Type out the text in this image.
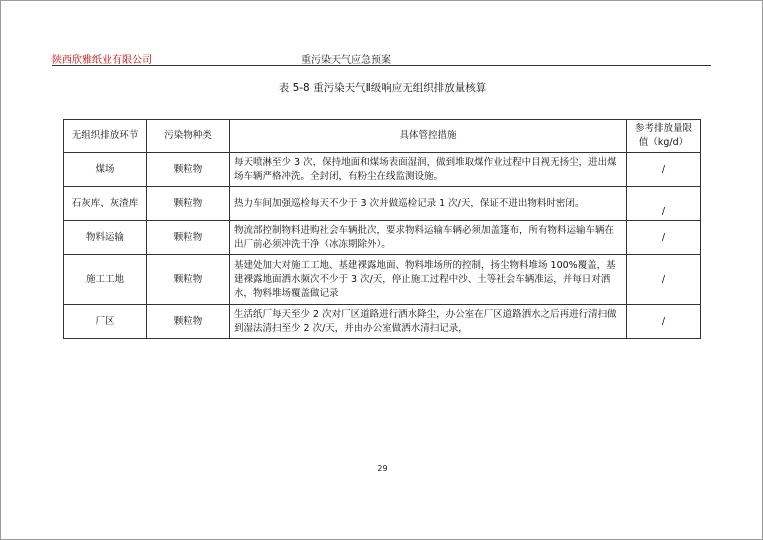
陕西欣雅纸业有限公司	重污染天气应急预案
表 5-8 重污染天气Ⅱ级响应无组织排放量核算
无组织排放环节	污染物种类	具体管控措施	参考排放量限值（kg/d）
煤场	颗粒物	每天喷淋至少 3 次，保持地面和煤场表面湿润，做到堆取煤作业过程中目视无扬尘，进出煤场车辆严格冲洗。全封闭，有粉尘在线监测设施。	/
石灰库、灰渣库	颗粒物	热力车间加强巡检每天不少于 3 次并做巡检记录 1 次/天，保证不进出物料时密闭。	/
物料运输	颗粒物	物流部控制物料进购社会车辆批次，要求物料运输车辆必须加盖篷布，所有物料运输车辆在出厂前必须冲洗干净（冰冻期除外）。	/
施工工地	颗粒物	基建处加大对施工工地、基建裸露地面、物料堆场所的控制，扬尘物料堆场 100%覆盖，基建裸露地面洒水频次不少于 3 次/天，停止施工过程中沙、土等社会车辆准运，并每日对洒水，物料堆场覆盖做记录	/
厂区	颗粒物	生活纸厂每天至少 2 次对厂区道路进行洒水降尘，办公室在厂区道路洒水之后再进行清扫做到湿法清扫至少 2 次/天，并由办公室做洒水清扫记录，	/
29
